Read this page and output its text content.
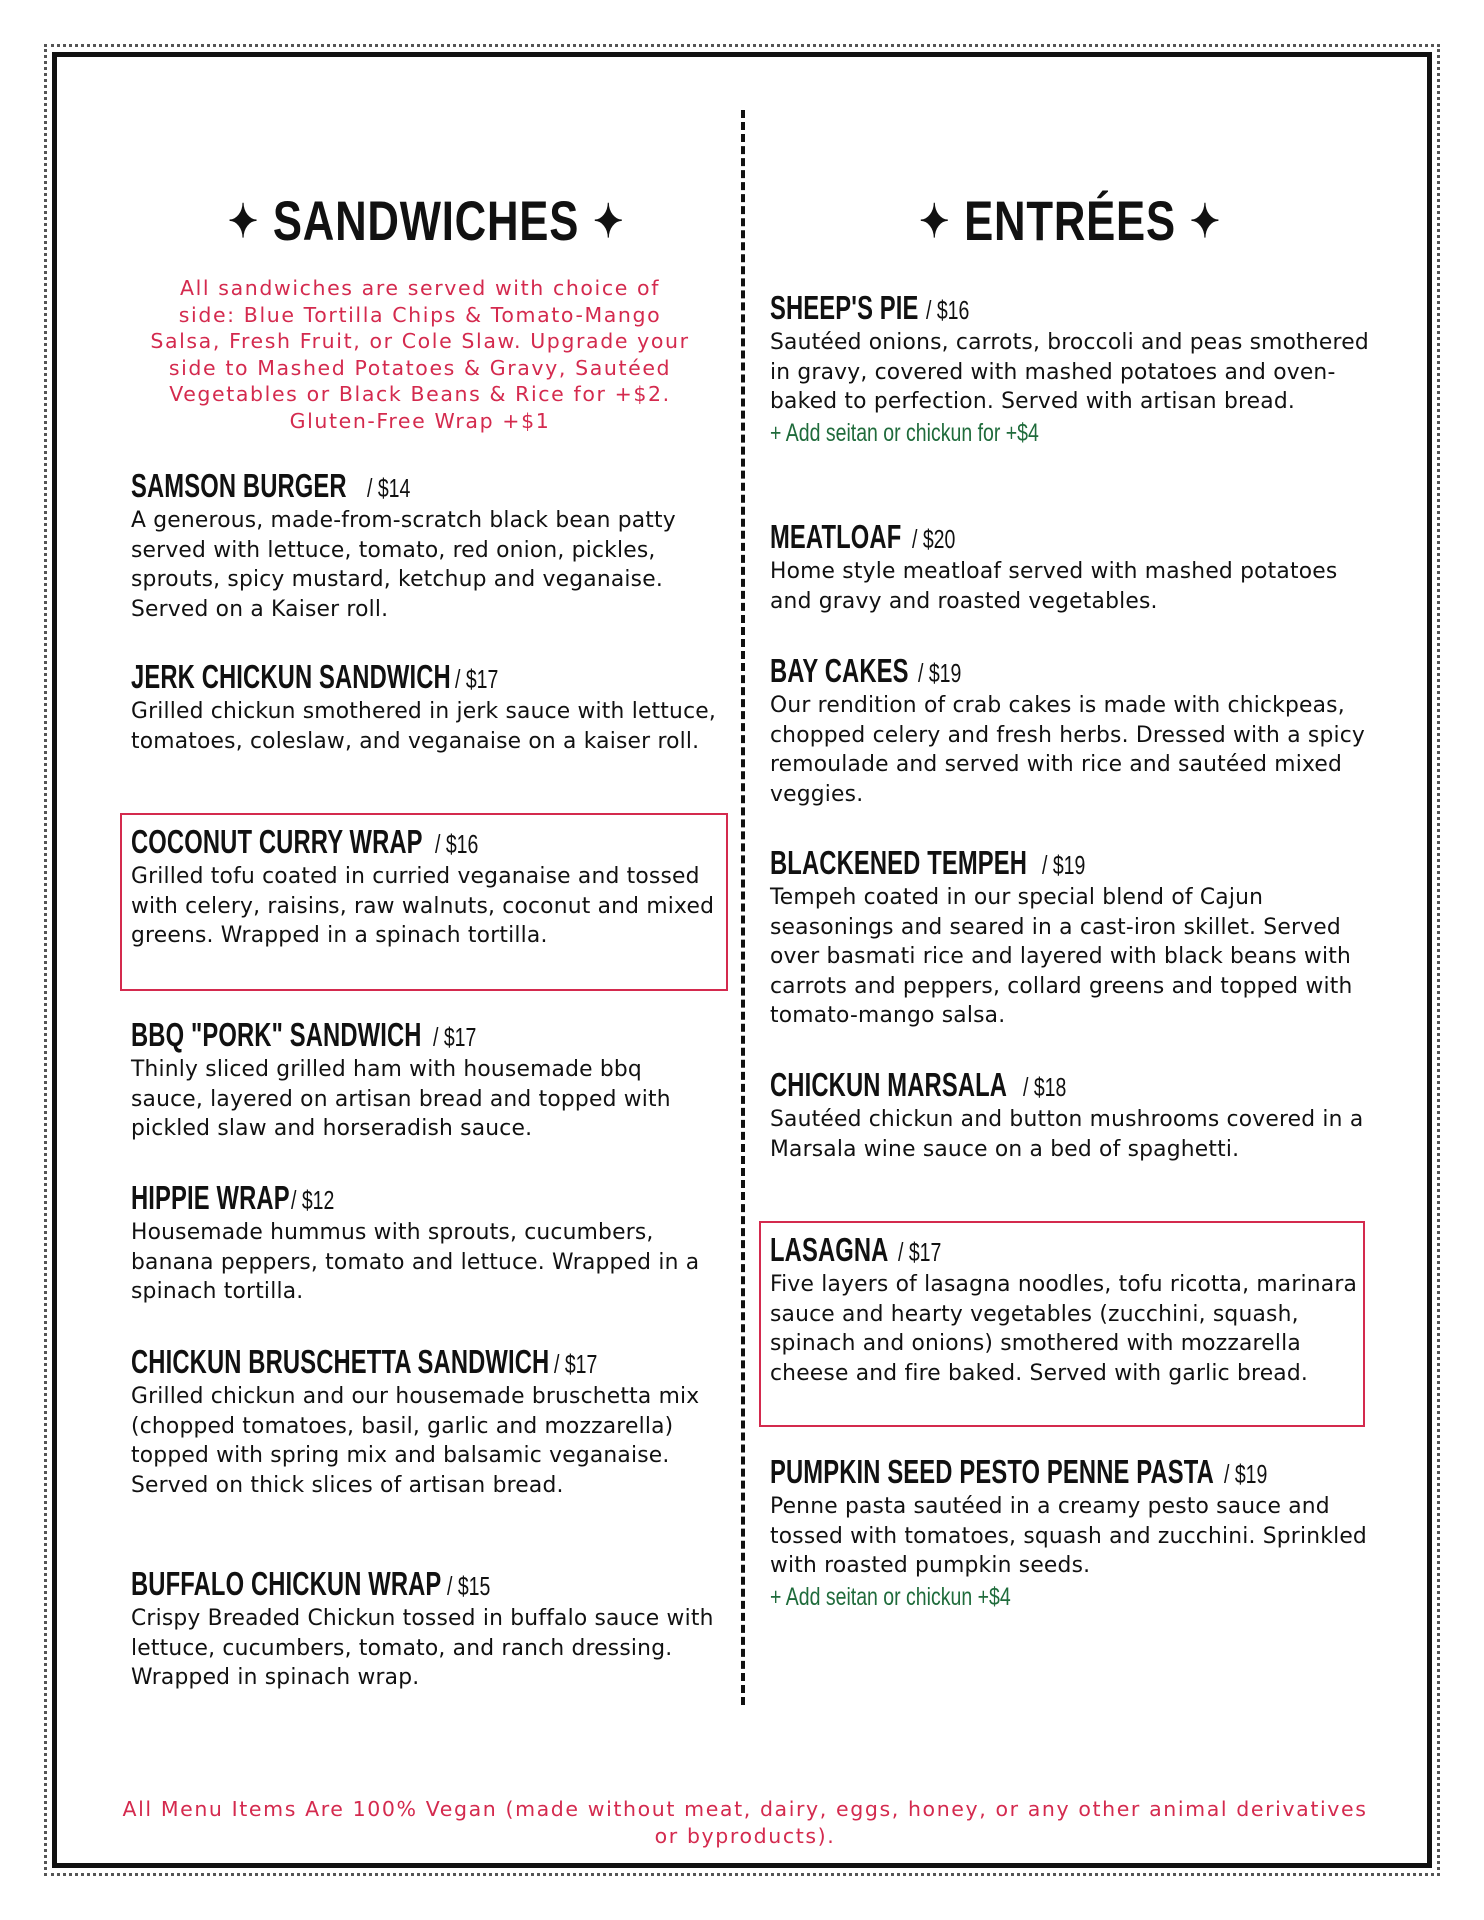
✦ SANDWICHES ✦
All sandwiches are served with choice of side: Blue Tortilla Chips & Tomato-Mango Salsa, Fresh Fruit, or Cole Slaw. Upgrade your side to Mashed Potatoes & Gravy, Sautéed Vegetables or Black Beans & Rice for +$2. Gluten-Free Wrap +$1
SAMSON BURGER / $14
A generous, made-from-scratch black bean patty served with lettuce, tomato, red onion, pickles, sprouts, spicy mustard, ketchup and veganaise. Served on a Kaiser roll.
JERK CHICKUN SANDWICH / $17
Grilled chickun smothered in jerk sauce with lettuce, tomatoes, coleslaw, and veganaise on a kaiser roll.
COCONUT CURRY WRAP / $16
Grilled tofu coated in curried veganaise and tossed with celery, raisins, raw walnuts, coconut and mixed greens. Wrapped in a spinach tortilla.
BBQ "PORK" SANDWICH / $17
Thinly sliced grilled ham with housemade bbq sauce, layered on artisan bread and topped with pickled slaw and horseradish sauce.
HIPPIE WRAP/ $12
Housemade hummus with sprouts, cucumbers, banana peppers, tomato and lettuce. Wrapped in a spinach tortilla.
CHICKUN BRUSCHETTA SANDWICH / $17
Grilled chickun and our housemade bruschetta mix (chopped tomatoes, basil, garlic and mozzarella) topped with spring mix and balsamic veganaise. Served on thick slices of artisan bread.
BUFFALO CHICKUN WRAP / $15
Crispy Breaded Chickun tossed in buffalo sauce with lettuce, cucumbers, tomato, and ranch dressing. Wrapped in spinach wrap.
✦ ENTRÉES ✦
SHEEP'S PIE / $16
Sautéed onions, carrots, broccoli and peas smothered in gravy, covered with mashed potatoes and oven-baked to perfection. Served with artisan bread.
+ Add seitan or chickun for +$4
MEATLOAF / $20
Home style meatloaf served with mashed potatoes and gravy and roasted vegetables.
BAY CAKES / $19
Our rendition of crab cakes is made with chickpeas, chopped celery and fresh herbs. Dressed with a spicy remoulade and served with rice and sautéed mixed veggies.
BLACKENED TEMPEH / $19
Tempeh coated in our special blend of Cajun seasonings and seared in a cast-iron skillet. Served over basmati rice and layered with black beans with carrots and peppers, collard greens and topped with tomato-mango salsa.
CHICKUN MARSALA / $18
Sautéed chickun and button mushrooms covered in a Marsala wine sauce on a bed of spaghetti.
LASAGNA / $17
Five layers of lasagna noodles, tofu ricotta, marinara sauce and hearty vegetables (zucchini, squash, spinach and onions) smothered with mozzarella cheese and fire baked. Served with garlic bread.
PUMPKIN SEED PESTO PENNE PASTA / $19
Penne pasta sautéed in a creamy pesto sauce and tossed with tomatoes, squash and zucchini. Sprinkled with roasted pumpkin seeds.
+ Add seitan or chickun +$4
All Menu Items Are 100% Vegan (made without meat, dairy, eggs, honey, or any other animal derivatives or byproducts).
